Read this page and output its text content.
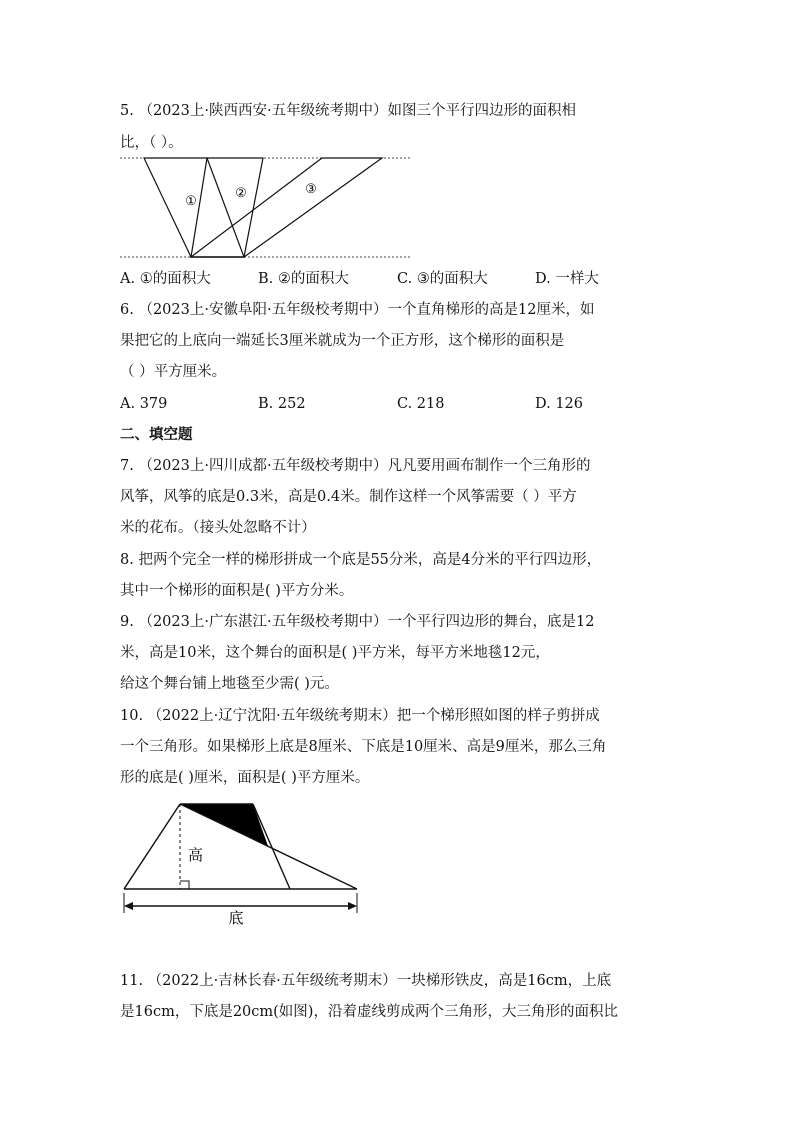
5. （2023上·陕西西安·五年级统考期中）如图三个平行四边形的面积相
比，（ ）。
①
②	③
A. ①的面积大	B. ②的面积大	C. ③的面积大	D. 一样大
6. （2023上·安徽阜阳·五年级校考期中）一个直角梯形的高是12厘米，如
果把它的上底向一端延长3厘米就成为一个正方形，这个梯形的面积是
（ ）平方厘米。
A. 379	B. 252	C. 218	D. 126
二、填空题
7. （2023上·四川成都·五年级校考期中）凡凡要用画布制作一个三角形的
风筝，风筝的底是0.3米，高是0.4米。制作这样一个风筝需要（ ）平方
米的花布。（接头处忽略不计）
8. 把两个完全一样的梯形拼成一个底是55分米，高是4分米的平行四边形，
其中一个梯形的面积是( )平方分米。
9. （2023上·广东湛江·五年级校考期中）一个平行四边形的舞台，底是12
米，高是10米，这个舞台的面积是( )平方米，每平方米地毯12元，
给这个舞台铺上地毯至少需( )元。
10. （2022上·辽宁沈阳·五年级统考期末）把一个梯形照如图的样子剪拼成
一个三角形。如果梯形上底是8厘米、下底是10厘米、高是9厘米，那么三角
形的底是( )厘米，面积是( )平方厘米。
高
底
11. （2022上·吉林长春·五年级统考期末）一块梯形铁皮，高是16cm，上底
是16cm，下底是20cm(如图)，沿着虚线剪成两个三角形，大三角形的面积比
